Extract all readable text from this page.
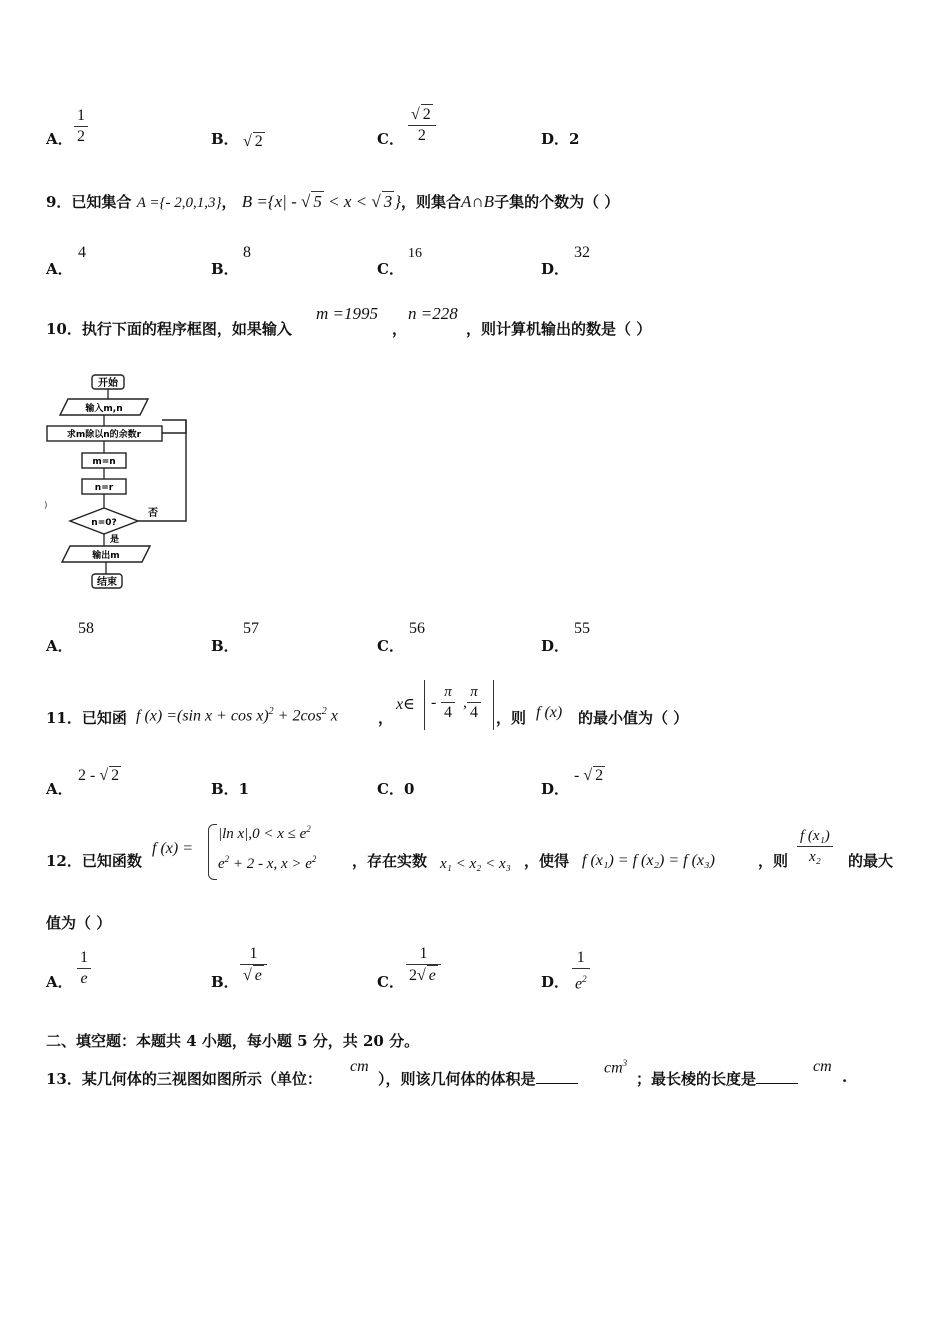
A． $\frac{1}{2}$	B． √ 2	C． $\frac{√ 2}{2}$	D．2
9．已知集合 A ={- 2,0,1,3}， B ={x| - √ 5 < x < √ 3 }，则集合A∩B子集的个数为（ ）
A．
4
B．
8
C．
16
D．
32
10．执行下面的程序框图，如果输入
m =1995
，
n =228
，则计算机输出的数是（ ）
开始
输入m,n
求m除以n的余数r
m=n
n=r
n=0?
否
是
输出m
结束
)
A．
58
B．
57
C．
56
D．
55
11．已知函 f (x) =(sin $x + \cos x)^2 + 2\cos^2$ x	，
x∈ - $\frac{\pi}{4}$ , $\frac{\pi}{4}$ ，则 f (x) 的最小值为（ ）
A．
2 - √ 2
B．1	C．0	D．
- √ 2
12．已知函数
f (x) =
|ln $x|,0 < x \le e^2$
$e^2 + 2 - x$, $x > e^2$ ，存在实数 x₁ < x₂ < x₃ ，使得 f (x₁) = f (x₂) = f (x₃)	，则 $\frac{\text{f (x₁)}}{\text{x₂}}$ 的最大
值为（ ）
A． $\frac{1}{e}$	B． $\frac{1}{√ e}$	C． $\frac{1}{2√ e}$	D． $\frac{1}{e^2}$
二、填空题：本题共 4 小题，每小题 5 分，共 20 分。
13．某几何体的三视图如图所示（单位：
cm
），则该几何体的体积是
$cm^3$
；最长棱的长度是
cm
.
